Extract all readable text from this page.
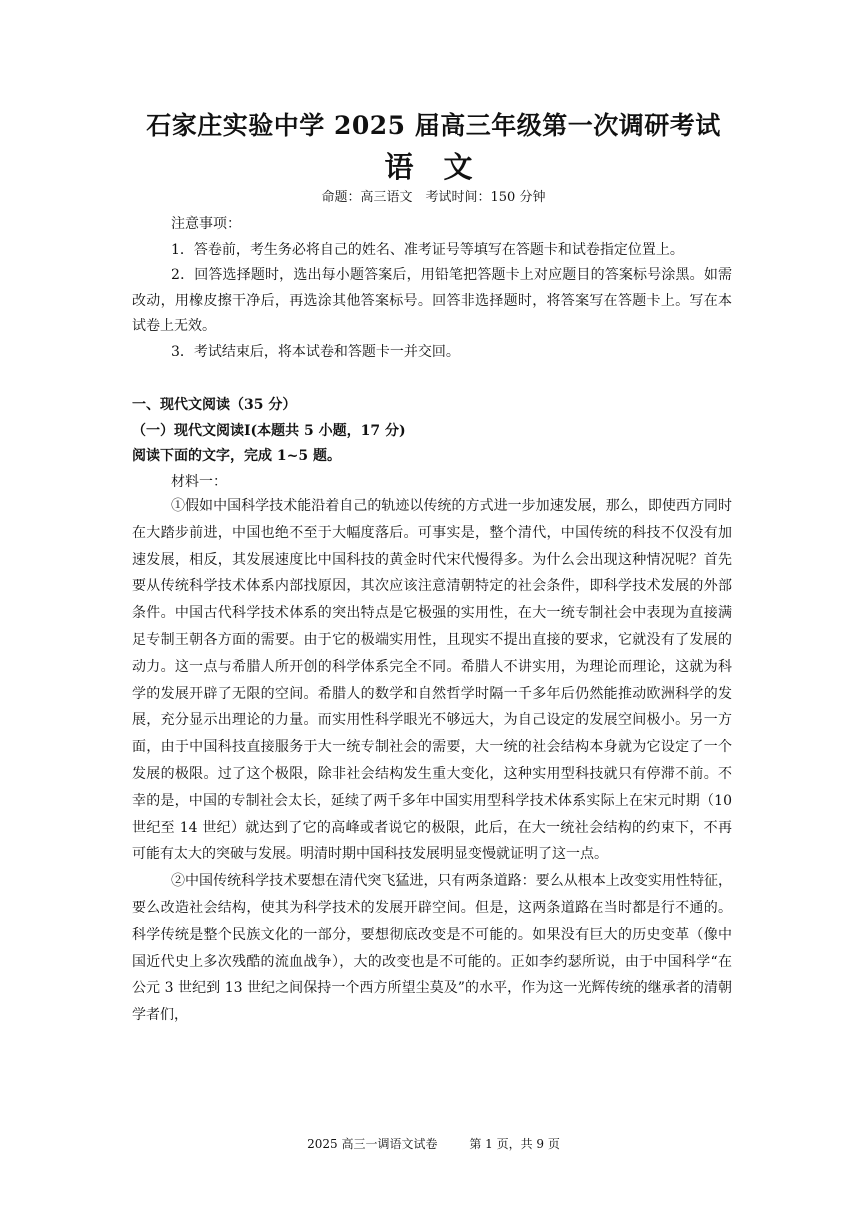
石家庄实验中学 2025 届高三年级第一次调研考试
语 文
命题：高三语文　考试时间：150 分钟
注意事项：

1．答卷前，考生务必将自己的姓名、准考证号等填写在答题卡和试卷指定位置上。

2．回答选择题时，选出每小题答案后，用铅笔把答题卡上对应题目的答案标号涂黑。如需改动，用橡皮擦干净后，再选涂其他答案标号。回答非选择题时，将答案写在答题卡上。写在本试卷上无效。

3．考试结束后，将本试卷和答题卡一并交回。

一、现代文阅读（35 分）
（一）现代文阅读I(本题共 5 小题，17 分)
阅读下面的文字，完成 1~5 题。
材料一：

①假如中国科学技术能沿着自己的轨迹以传统的方式进一步加速发展，那么，即使西方同时在大踏步前进，中国也绝不至于大幅度落后。可事实是，整个清代，中国传统的科技不仅没有加速发展，相反，其发展速度比中国科技的黄金时代宋代慢得多。为什么会出现这种情况呢？首先要从传统科学技术体系内部找原因，其次应该注意清朝特定的社会条件，即科学技术发展的外部条件。中国古代科学技术体系的突出特点是它极强的实用性，在大一统专制社会中表现为直接满足专制王朝各方面的需要。由于它的极端实用性，且现实不提出直接的要求，它就没有了发展的动力。这一点与希腊人所开创的科学体系完全不同。希腊人不讲实用，为理论而理论，这就为科学的发展开辟了无限的空间。希腊人的数学和自然哲学时隔一千多年后仍然能推动欧洲科学的发展，充分显示出理论的力量。而实用性科学眼光不够远大，为自己设定的发展空间极小。另一方面，由于中国科技直接服务于大一统专制社会的需要，大一统的社会结构本身就为它设定了一个发展的极限。过了这个极限，除非社会结构发生重大变化，这种实用型科技就只有停滞不前。不幸的是，中国的专制社会太长，延续了两千多年中国实用型科学技术体系实际上在宋元时期（10 世纪至 14 世纪）就达到了它的高峰或者说它的极限，此后，在大一统社会结构的约束下，不再可能有太大的突破与发展。明清时期中国科技发展明显变慢就证明了这一点。

②中国传统科学技术要想在清代突飞猛进，只有两条道路：要么从根本上改变实用性特征，要么改造社会结构，使其为科学技术的发展开辟空间。但是，这两条道路在当时都是行不通的。科学传统是整个民族文化的一部分，要想彻底改变是不可能的。如果没有巨大的历史变革（像中国近代史上多次残酷的流血战争），大的改变也是不可能的。正如李约瑟所说，由于中国科学“在公元 3 世纪到 13 世纪之间保持一个西方所望尘莫及”的水平，作为这一光辉传统的继承者的清朝学者们，

2025 高三一调语文试卷	第 1 页，共 9 页
